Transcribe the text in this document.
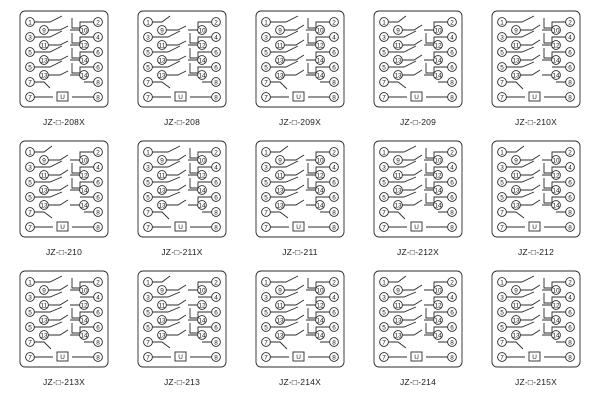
1
3
5
5
7
7
2
4
6
6
8
8
9
11
13
13
10
12
14
14
U
JZ-□-208X
1
3
5
5
7
7
2
4
6
6
8
8
9
11
13
13
10
12
14
14
U
JZ-□-208
1
3
5
5
7
7
2
4
6
6
8
8
9
11
13
13
10
12
14
14
U
JZ-□-209X
1
3
5
5
7
7
2
4
6
6
8
8
9
11
13
13
10
12
14
14
U
JZ-□-209
1
3
5
5
7
7
2
4
6
6
8
8
9
11
13
13
10
12
14
14
U
JZ-□-210X
1
3
5
5
7
7
2
4
6
6
8
8
9
11
13
13
10
12
14
14
U
JZ-□-210
1
3
5
5
7
7
2
4
6
6
8
8
9
11
13
13
10
12
14
14
U
JZ-□-211X
1
3
5
5
7
7
2
4
6
6
8
8
9
11
13
13
10
12
14
14
U
JZ-□-211
1
3
5
5
7
7
2
4
6
6
8
8
9
11
13
13
10
12
14
14
U
JZ-□-212X
1
3
5
5
7
7
2
4
6
6
8
8
9
11
13
13
10
12
14
14
U
JZ-□-212
1
3
5
5
7
7
2
4
6
6
8
8
9
11
13
13
10
12
14
14
U
JZ-□-213X
1
3
5
5
7
7
2
4
6
6
8
8
9
11
13
13
10
12
14
14
U
JZ-□-213
1
3
5
5
7
7
2
4
6
6
8
8
9
11
13
13
10
12
14
14
U
JZ-□-214X
1
3
5
5
7
7
2
4
6
6
8
8
9
11
13
13
10
12
14
14
U
JZ-□-214
1
3
5
5
7
7
2
4
6
6
8
8
9
11
13
13
10
12
14
14
U
JZ-□-215X
